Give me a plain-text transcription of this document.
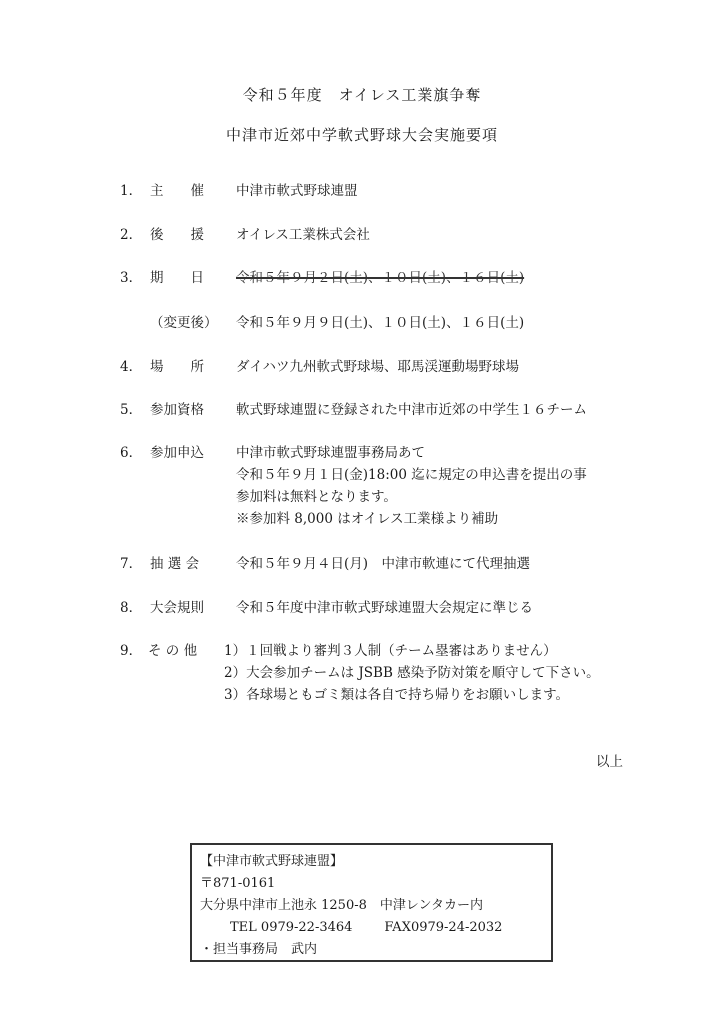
令和５年度　オイレス工業旗争奪
中津市近郊中学軟式野球大会実施要項
1． 主　　催 中津市軟式野球連盟
2． 後　　援 オイレス工業株式会社
3． 期　　日 令和５年９月２日(土)、１０日(土)、１６日(土)
（変更後） 令和５年９月９日(土)、１０日(土)、１６日(土)
4． 場　　所 ダイハツ九州軟式野球場、耶馬渓運動場野球場
5． 参加資格 軟式野球連盟に登録された中津市近郊の中学生１６チーム
6． 参加申込 中津市軟式野球連盟事務局あて
令和５年９月１日(金)18:00 迄に規定の申込書を提出の事
参加料は無料となります。
※参加料 8,000 はオイレス工業様より補助
7． 抽 選 会	令和５年９月４日(月)　中津市軟連にて代理抽選
8． 大会規則 令和５年度中津市軟式野球連盟大会規定に準じる
9． そ の 他 1）１回戦より審判３人制（チーム塁審はありません）
2）大会参加チームは JSBB 感染予防対策を順守して下さい。
3）各球場ともゴミ類は各自で持ち帰りをお願いします。
以上
【中津市軟式野球連盟】
〒871-0161
大分県中津市上池永 1250-8　中津レンタカー内
TEL 0979-22-3464 FAX0979-24-2032
・担当事務局　武内
